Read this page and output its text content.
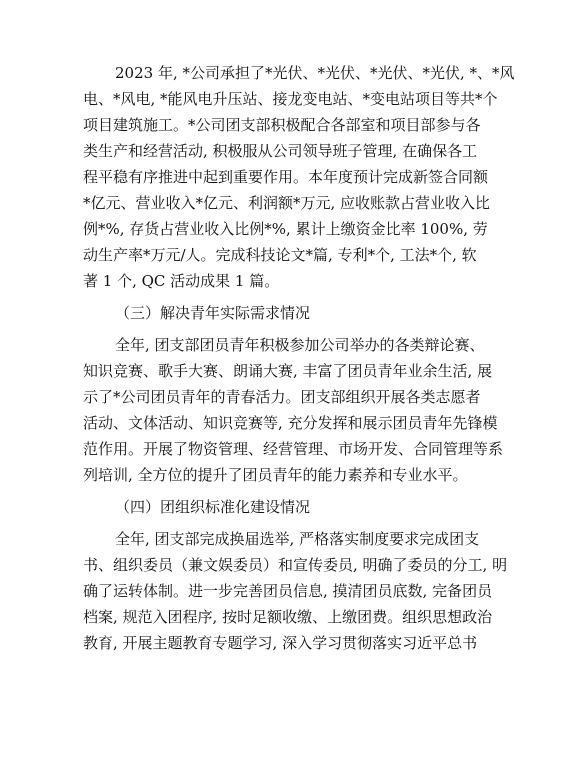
2023 年, *公司承担了*光伏、*光伏、*光伏、*光伏, *、*风
电、*风电, *能风电升压站、接龙变电站、*变电站项目等共*个
项目建筑施工。*公司团支部积极配合各部室和项目部参与各
类生产和经营活动, 积极服从公司领导班子管理, 在确保各工
程平稳有序推进中起到重要作用。本年度预计完成新签合同额
*亿元、营业收入*亿元、利润额*万元, 应收账款占营业收入比
例*%, 存货占营业收入比例*%, 累计上缴资金比率 100%, 劳
动生产率*万元/人。完成科技论文*篇, 专利*个, 工法*个, 软
著 1 个, QC 活动成果 1 篇。
（三）解决青年实际需求情况
全年, 团支部团员青年积极参加公司举办的各类辩论赛、
知识竞赛、歌手大赛、朗诵大赛, 丰富了团员青年业余生活, 展
示了*公司团员青年的青春活力。团支部组织开展各类志愿者
活动、文体活动、知识竞赛等, 充分发挥和展示团员青年先锋模
范作用。开展了物资管理、经营管理、市场开发、合同管理等系
列培训, 全方位的提升了团员青年的能力素养和专业水平。
（四）团组织标准化建设情况
全年, 团支部完成换届选举, 严格落实制度要求完成团支
书、组织委员（兼文娱委员）和宣传委员, 明确了委员的分工, 明
确了运转体制。进一步完善团员信息, 摸清团员底数, 完备团员
档案, 规范入团程序, 按时足额收缴、上缴团费。组织思想政治
教育, 开展主题教育专题学习, 深入学习贯彻落实习近平总书
